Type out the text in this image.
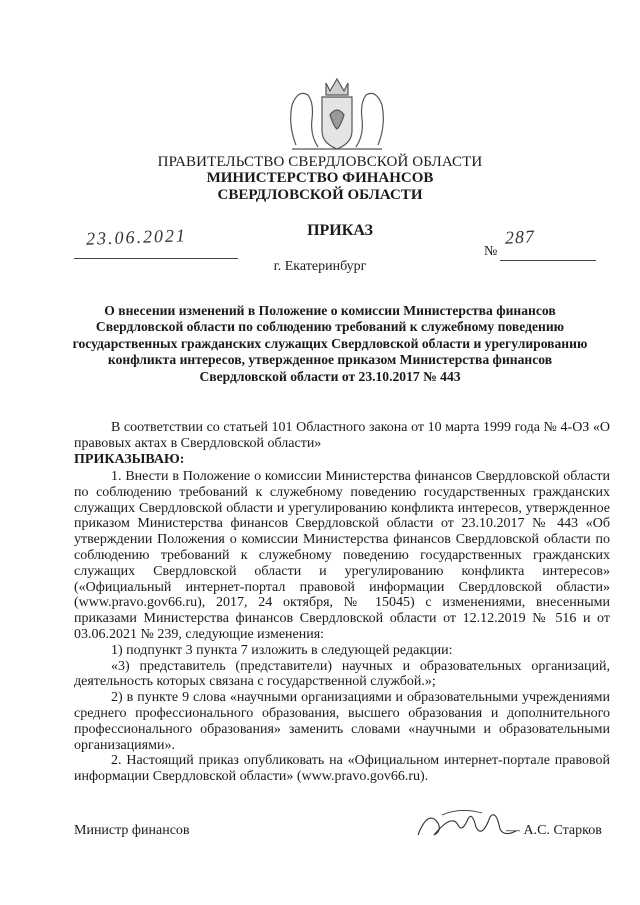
ПРАВИТЕЛЬСТВО СВЕРДЛОВСКОЙ ОБЛАСТИ
МИНИСТЕРСТВО ФИНАНСОВ
СВЕРДЛОВСКОЙ ОБЛАСТИ
ПРИКАЗ
23.06.2021
№
287
г. Екатеринбург
О внесении изменений в Положение о комиссии Министерства финансов
Свердловской области по соблюдению требований к служебному поведению
государственных гражданских служащих Свердловской области и урегулированию
конфликта интересов, утвержденное приказом Министерства финансов
Свердловской области от 23.10.2017 № 443

В соответствии со статьей 101 Областного закона от 10 марта 1999 года № 4-ОЗ «О правовых актах в Свердловской области»

ПРИКАЗЫВАЮ:

1. Внести в Положение о комиссии Министерства финансов Свердловской области по соблюдению требований к служебному поведению государственных гражданских служащих Свердловской области и урегулированию конфликта интересов, утвержденное приказом Министерства финансов Свердловской области от 23.10.2017 № 443 «Об утверждении Положения о комиссии Министерства финансов Свердловской области по соблюдению требований к служебному поведению государственных гражданских служащих Свердловской области и урегулированию конфликта интересов» («Официальный интернет-портал правовой информации Свердловской области» (www.pravo.gov66.ru), 2017, 24 октября, № 15045) с изменениями, внесенными приказами Министерства финансов Свердловской области от 12.12.2019 № 516 и от 03.06.2021 № 239, следующие изменения:

1) подпункт 3 пункта 7 изложить в следующей редакции:

«3) представитель (представители) научных и образовательных организаций, деятельность которых связана с государственной службой.»;

2) в пункте 9 слова «научными организациями и образовательными учреждениями среднего профессионального образования, высшего образования и дополнительного профессионального образования» заменить словами «научными и образовательными организациями».

2. Настоящий приказ опубликовать на «Официальном интернет-портале правовой информации Свердловской области» (www.pravo.gov66.ru).

Министр финансов	— А.С. Старков
